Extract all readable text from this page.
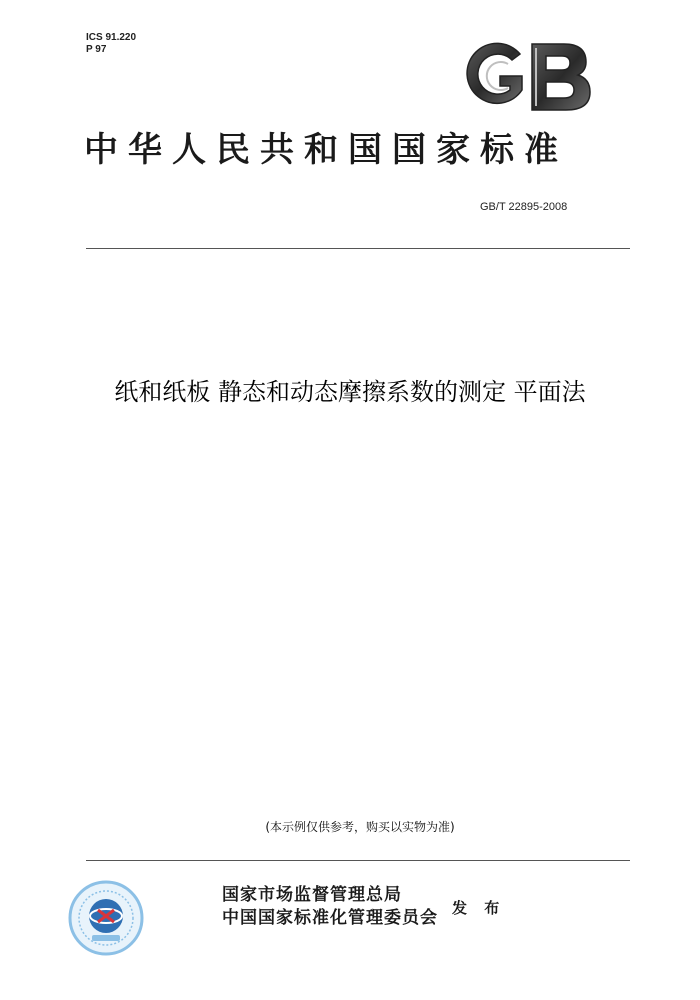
ICS 91.220
P 97
中华人民共和国国家标准
GB/T 22895-2008
纸和纸板 静态和动态摩擦系数的测定 平面法
(本示例仅供参考，购买以实物为准)
国家市场监督管理总局
中国国家标准化管理委员会 发 布
